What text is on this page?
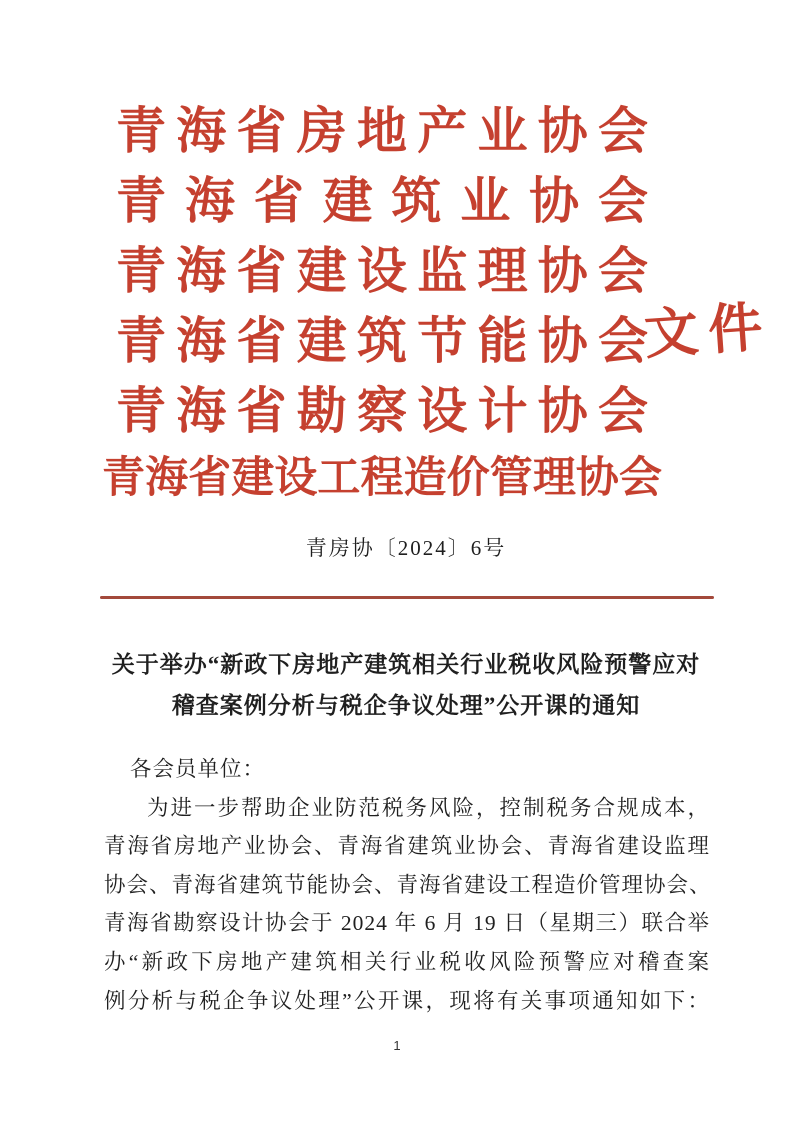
青海省房地产业协会
青海省建筑业协会
青海省建设监理协会
青海省建筑节能协会
青海省勘察设计协会
青海省建设工程造价管理协会
文件
青房协〔2024〕6号
关于举办“新政下房地产建筑相关行业税收风险预警应对
稽查案例分析与税企争议处理”公开课的通知
各会员单位：
为进一步帮助企业防范税务风险，控制税务合规成本，
青海省房地产业协会、青海省建筑业协会、青海省建设监理
协会、青海省建筑节能协会、青海省建设工程造价管理协会、
青海省勘察设计协会于 2024 年 6 月 19 日（星期三）联合举
办“新政下房地产建筑相关行业税收风险预警应对稽查案
例分析与税企争议处理”公开课，现将有关事项通知如下：
1
